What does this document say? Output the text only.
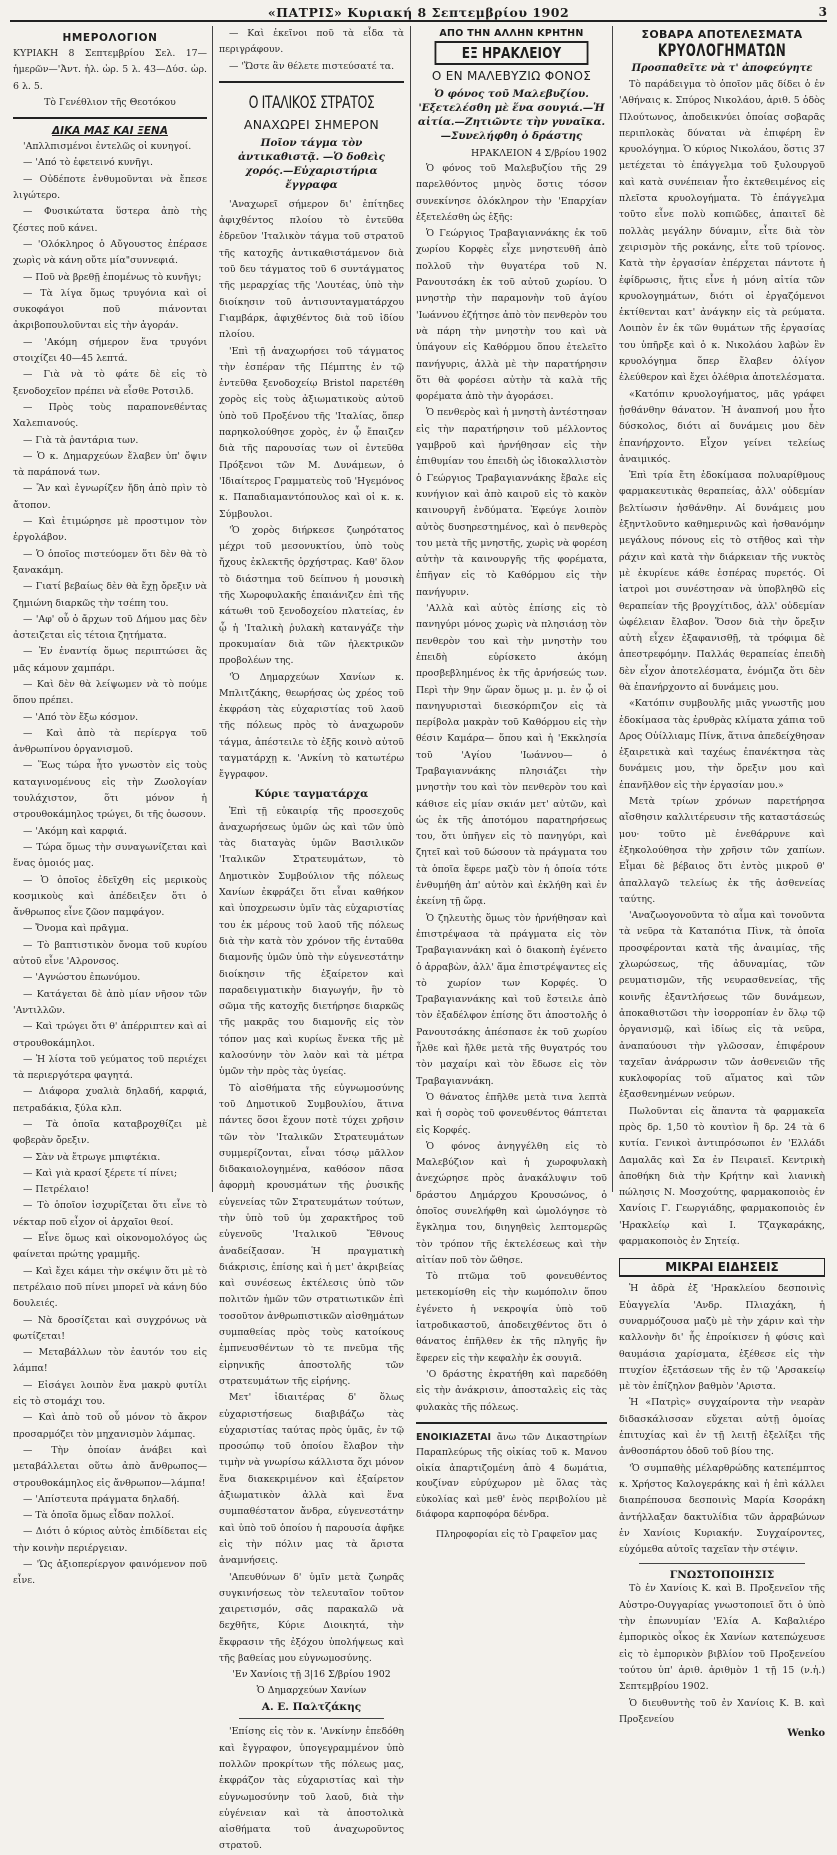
«ΠΑΤΡΙΣ» Κυριακή 8 Σεπτεμβρίου 1902	3
ΗΜΕΡΟΛΟΓΙΟΝ

ΚΥΡΙΑΚΗ 8 Σεπτεμβρίου Σελ. 17—ἡμερῶν—'Ἀντ. ἡλ. ὡρ. 5 λ. 43—Δύσ. ὡρ. 6 λ. 5.

Τὸ Γενέθλιον τῆς Θεοτόκου

ΔΙΚΑ ΜΑΣ ΚΑΙ ΞΕΝΑ

'Απλλπισμένοι ἐντελῶς οἱ κυνηγοί.

— 'Από τὸ ἐφετεινό κυνῆγι.

— Οὐδέποτε ἐνθυμοῦνται νὰ ἔπεσε λιγώτερο.

— Φυσικώτατα ὕστερα ἀπὸ τὴς ζέστες ποῦ κάνει.

— 'Ολόκληρος ὁ Αὔγουστος ἐπέρασε χωρὶς νὰ κάνη οὔτε μία"συννεφιά.

— Ποῦ νὰ βρεθῇ ἑπομένως τὸ κυνῆγι;

— Τὰ λίγα ὅμως τρυγόνια καὶ οἱ συκοφάγοι ποῦ πιάνονται ἀκριβοπουλοῦνται εἰς τὴν ἀγοράν.

— 'Ακόμη σήμερον ἕνα τρυγόνι στοιχίζει 40—45 λεπτά.

— Γιὰ νὰ τὸ φάτε δὲ εἰς τὸ ξενοδοχεῖον πρέπει νὰ εἶσθε Ροτσιλδ.

— Πρὸς τοὺς παραπονεθέντας Χαλεπιανούς.

— Γιὰ τὰ ῥαντάρια των.

— Ὁ κ. Δημαρχεύων ἔλαβεν ὑπ' ὄψιν τὰ παράπονά των.

— Ἂν καὶ ἐγνωρίζεν ἤδη ἀπὸ πρὶν τὸ ἄτοπον.

— Καὶ ἐτιμώρησε μὲ προστιμον τὸν ἐργολάβον.

— Ὁ ὁποῖος πιστεύομεν ὅτι δὲν θὰ τὸ ξανακάμη.

— Γιατί βεβαίως δὲν θὰ ἔχῃ ὄρεξιν νὰ ζημιώνη διαρκῶς τὴν τσέπη του.

— 'Αφ' οὗ ὁ ἄρχων τοῦ Δήμου μας δὲν ἀστειζεται εἰς τέτοια ζητήματα.

— Ἐν ἐναντίᾳ ὅμως περιπτώσει ἂς μᾶς κάμουν χαμπάρι.

— Καὶ δὲν θὰ λείψωμεν νὰ τὸ πούμε ὅπου πρέπει.

— 'Από τὸν ἔξω κόσμον.

— Καὶ ἀπὸ τὰ περίεργα τοῦ ἀνθρωπίνου ὀργανισμοῦ.

— Ἕως τώρα ἦτο γνωστὸν εἰς τοὺς καταγινομένους εἰς τὴν Ζωολογίαν τουλάχιστον, ὅτι μόνον ἡ στρουθοκάμηλος τρώγει, δι τῆς ὁωσουν.

— 'Ακόμη καὶ καρφιά.

— Τώρα ὅμως τὴν συναγωνίζεται καὶ ἕνας ὁμοιός μας.

— Ὁ ὁποῖος ἐδεῖχθη εἰς μερικοὺς κοσμικοὺς καὶ ἀπέδειξεν ὅτι ὁ ἄνθρωπος εἶνε ζῶον παμφάγον.

— Ὄνομα καὶ πρᾶγμα.

— Τὸ βαπτιστικὸν ὄνομα τοῦ κυρίου αὐτοῦ εἶνε 'Αλρονσος.

— 'Αγνώστου ἐπωνύμου.

— Κατάγεται δὲ ἀπὸ μίαν νῆσον τῶν 'Αντιλλῶν.

— Καὶ τρώγει ὅτι θ' ἀπέρριπτεν καὶ αἱ στρουθοκάμηλοι.

— Ἡ λίστα τοῦ γεύματος τοῦ περιέχει τὰ περιεργότερα φαγητά.

— Διάφορα χυαλιὰ δηλαδή, καρφιά, πετραδάκια, ξύλα κλπ.

— Τὰ ὁποῖα καταβροχθίζει μὲ φοβερὰν ὄρεξιν.

— Σὰν νὰ ἔτρωγε μπιφτέκια.

— Καὶ γιὰ κρασί ξέρετε τί πίνει;

— Πετρέλαιο!

— Τὸ ὁποῖον ἰσχυρίζεται ὅτι εἶνε τὸ νέκταρ ποῦ εἶχον οἱ ἀρχαῖοι θεοί.

— Εἶνε ὅμως καὶ οἰκονομολόγος ὡς φαίνεται πρώτης γραμμῆς.

— Καὶ ἔχει κάμει τὴν σκέψιν ὅτι μὲ τὸ πετρέλαιο ποῦ πίνει μπορεῖ νὰ κάνη δύο δουλειές.

— Νὰ δροσίζεται καὶ συγχρόνως νὰ φωτίζεται!

— Μεταβάλλων τὸν ἑαυτόν του εἰς λάμπα!

— Εἰσάγει λοιπὸν ἕνα μακρὺ φυτίλι εἰς τὸ στομάχι του.

— Καὶ ἀπὸ τοῦ οὗ μόνον τὸ ἄκρον προσαρμόζει τὸν μηχανισμὸν λάμπας.

— Τὴν ὁποίαν ἀνάβει καὶ μεταβάλλεται οὕτω ἀπὸ ἄνθρωπος—στρουθοκάμηλος εἰς ἄνθρωπον—λάμπα!

— 'Απίστευτα πράγματα δηλαδή.

— Τὰ ὁποῖα ὅμως εἶδαν πολλοί.

— Διότι ὁ κύριος αὐτὸς ἐπιδίδεται εἰς τὴν κοινὴν περιέργειαν.

— 'Ὡς ἀξιοπερίεργον φαινόμενον ποῦ εἶνε.

— Καὶ ἐκεῖνοι ποῦ τὰ εἶδα τὰ περιγράφουν.

— 'Ὥστε ἂν θέλετε πιστεύσατέ τα.

Ο ΙΤΑΛΙΚΟΣ ΣΤΡΑΤΟΣ
ΑΝΑΧΩΡΕΙ ΣΗΜΕΡΟΝ
Ποῖον τάγμα τὸν ἀντικαθιστᾷ. —Ὁ δοθεὶς χορός.—Εὐχαριστήρια ἔγγραφα

'Αναχωρεῖ σήμερον δι' ἐπίτηδες ἀφιχθέντος πλοίου τὸ ἐντεῦθα ἐδρεῦον 'Ιταλικὸν τάγμα τοῦ στρατοῦ τῆς κατοχῆς ἀντικαθιστάμενον διὰ τοῦ δευ τάγματος τοῦ 6 συντάγματος τῆς μεραρχίας τῆς 'Λουτέας, ὑπὸ τὴν διοίκησιν τοῦ ἀντισυνταγματάρχου Γιαμβάρκ, ἀφιχθέντος διὰ τοῦ ἰδίου πλοίου.

'Επὶ τῇ ἀναχωρήσει τοῦ τάγματος τὴν ἑσπέραν τῆς Πέμπτης ἐν τῷ ἐντεῦθα ξενοδοχείῳ Bristol παρετέθη χορὸς εἰς τοὺς ἀξιωματικοὺς αὐτοῦ ὑπὸ τοῦ Προξένου τῆς 'Ιταλίας, ὅπερ παρηκολούθησε χορὸς, ἐν ᾧ ἔπαιζεν διὰ τῆς παρουσίας των οἱ ἐντεῦθα Πρόξενοι τῶν Μ. Δυνάμεων, ὁ 'Ιδιαίτερος Γραμματεὺς τοῦ 'Ηγεμόνος κ. Παπαδιαμαντόπουλος καὶ οἱ κ. κ. Σύμβουλοι.

'Ὁ χορὸς διήρκεσε ζωηρότατος μέχρι τοῦ μεσονυκτίου, ὑπὸ τοὺς ἤχους ἐκλεκτῆς ὀρχήστρας. Καθ' ὅλον τὸ διάστημα τοῦ δείπνου ἡ μουσικὴ τῆς Χωροφυλακῆς ἐπαιάνιζεν ἐπὶ τῆς κάτωθι τοῦ ξενοδοχείου πλατείας, ἐν ᾧ ἡ 'Ιταλικὴ ῥυλακὴ κατανγάζε τὴν προκυμαίαν διὰ τῶν ἠλεκτρικῶν προβολέων της.

'Ὁ Δημαρχεύων Χανίων κ. Μπλιτζάκης, θεωρήσας ὡς χρέος τοῦ ἐκφράση τὰς εὐχαριστίας τοῦ λαοῦ τῆς πόλεως πρὸς τὸ ἀναχωροῦν τάγμα, ἀπέστειλε τὸ ἑξῆς κοινὸ αὐτοῦ ταγματάρχῃ κ. 'Ανκίνη τὸ κατωτέρω ἔγγραφον.

Κύριε ταγματάρχα

Ἐπὶ τῇ εὐκαιρίᾳ τῆς προσεχοῦς ἀναχωρήσεως ὑμῶν ὡς καὶ τῶν ὑπὸ τὰς διαταγὰς ὑμῶν Βασιλικῶν 'Ιταλικῶν Στρατευμάτων, τὸ Δημοτικὸν Συμβούλιον τῆς πόλεως Χανίων ἐκφράζει ὅτι εἶναι καθήκον καὶ ὑποχρεωσιν ὑμῖν τὰς εὐχαριστίας του ἐκ μέρους τοῦ λαοῦ τῆς πόλεως διὰ τὴν κατὰ τὸν χρόνον τῆς ἐνταῦθα διαμονῆς ὑμῶν ὑπὸ τὴν εὐγενεστάτην διοίκησιν τῆς ἐξαίρετον καὶ παραδειγματικὴν διαγωγήν, ἣν τὸ σῶμα τῆς κατοχῆς διετήρησε διαρκῶς τῆς μακρᾶς του διαμονῆς εἰς τὸν τόπον μας καὶ κυρίως ἕνεκα τῆς μὲ καλοσύνην τὸν λαὸν καὶ τὰ μέτρα ὑμῶν τὴν πρὸς τὰς ὑγείας.

Τὸ αἰσθήματα τῆς εὐγνωμοσύνης τοῦ Δημοτικοῦ Συμβουλίου, ἅτινα πάντες ὅσοι ἔχουν ποτὲ τύχει χρῆσιν τῶν τὸν 'Ιταλικῶν Στρατευμάτων συμμερίζονται, εἶναι τόσῳ μᾶλλον διδακαιολογημένα, καθόσον πᾶσα ἀφορμὴ κρουσμάτων τῆς ῥυσικῆς εὐγενείας τῶν Στρατευμάτων τούτων, τὴν ὑπὸ τοῦ ὑμ χαρακτῆρος τοῦ εὐγενοῦς 'Ιταλικοῦ Ἔθνους ἀναδείξασαν. Ἡ πραγματικὴ διάκρισις, ἐπίσης καὶ ἡ μετ' ἀκριβείας καὶ συνέσεως ἐκτέλεσις ὑπὸ τῶν πολιτῶν ἡμῶν τῶν στρατιωτικῶν ἐπὶ τοσοῦτον ἀνθρωπιστικῶν αἰσθημάτων συμπαθείας πρὸς τοὺς κατοίκους ἐμπνευσθέντων τὸ τε πνεῦμα τῆς εἰρηνικῆς ἀποστολῆς τῶν στρατευμάτων τῆς εἰρήνης.

Μετ' ἰδιαιτέρας δ' ὅλως εὐχαριστήσεως διαβιβάζω τὰς εὐχαριστίας ταύτας πρὸς ὑμᾶς, ἐν τῷ προσώπῳ τοῦ ὁποίου ἔλαβον τὴν τιμὴν νὰ γνωρίσω κάλλιστα ὅχι μόνον ἕνα διακεκριμένον καὶ ἐξαίρετον ἀξιωματικὸν ἀλλὰ καὶ ἕνα συμπαθέστατον ἄνδρα, εὐγενεστάτην καὶ ὑπὸ τοῦ ὁποίου ἡ παρουσία ἀφῆκε εἰς τὴν πόλιν μας τὰ ἄριστα ἀναμνήσεις.

'Απευθύνων δ' ὑμῖν μετὰ ζωηρᾶς συγκινήσεως τὸν τελευταῖον τοῦτον χαιρετισμόν, σᾶς παρακαλῶ νὰ δεχθῆτε, Κύριε Διοικητά, τὴν ἔκφρασιν τῆς ἐξόχου ὑπολήψεως καὶ τῆς βαθείας μου εὐγνωμοσύνης.

'Εν Χανίοις τῇ 3|16 Σ/βρίου 1902
Ὁ Δημαρχεύων Χανίων
Α. Ε. Παλτζάκης

'Επίσης εἰς τὸν κ. 'Ανκίνην ἐπεδόθη καὶ ἔγγραφον, ὑπογεγραμμένον ὑπὸ πολλῶν προκρίτων τῆς πόλεως μας, ἐκφράζον τὰς εὐχαριστίας καὶ τὴν εὐγνωμοσύνην τοῦ λαοῦ, διὰ τὴν εὐγένειαν καὶ τὰ ἀποστολικὰ αἰσθήματα τοῦ ἀναχωροῦντος στρατοῦ.

ΑΠΟ ΤΗΝ ΑΛΛΗΝ ΚΡΗΤΗΝ
ΕΞ ΗΡΑΚΛΕΙΟΥ
Ο ΕΝ ΜΑΛΕΒΥΖΙΩ ΦΟΝΟΣ
Ὁ φόνος τοῦ Μαλεβυζίου. 'Εξετελέσθη μὲ ἕνα σουγιά.—Ἡ αἰτία.—Ζητιῶντε τὴν γυναῖκα.—Συνελήφθη ὁ δράστης
ΗΡΑΚΛΕΙΟΝ 4 Σ/βρίου 1902

Ὁ φόνος τοῦ Μαλεβυζίου τῆς 29 παρελθόντος μηνὸς ὅστις τόσον συνεκίνησε ὁλόκληρον τὴν 'Επαρχίαν ἐξετελέσθη ὡς ἑξῆς:

Ὁ Γεώργιος Τραβαγιαννάκης ἐκ τοῦ χωρίου Κορφὲς εἶχε μνηστευθῆ ἀπὸ πολλοῦ τὴν θυγατέρα τοῦ Ν. Ρανουτσάκη ἐκ τοῦ αὐτοῦ χωρίου. Ὁ μνηστὴρ τὴν παραμονὴν τοῦ ἁγίου 'Ιωάννου ἐζήτησε ἀπὸ τὸν πενθερὸν του νὰ πάρη τὴν μνηστὴν του καὶ νὰ ὑπάγουν εἰς Καθόρμου ὅπου ἐτελεῖτο πανήγυρις, ἀλλὰ μὲ τὴν παρατήρησιν ὅτι θὰ φορέσει αὐτὴν τὰ καλὰ τῆς φορέματα ἀπὸ τὴν ἀγοράσει.

Ὁ πενθερὸς καὶ ἡ μνηστὴ ἀντέστησαν εἰς τὴν παρατήρησιν τοῦ μέλλοντος γαμβροῦ καὶ ἠρνήθησαν εἰς τὴν ἐπιθυμίαν του ἐπειδὴ ὡς ἰδιοκαλλιστὸν ὁ Γεώργιος Τραβαγιαννάκης ἔβαλε εἰς κυνήγιον καὶ ἀπὸ καιροῦ εἰς τὸ κακὸν καινουργῆ ἐνδύματα. Ἐφεύγε λοιπὸν αὐτὸς δυσηρεστημένος, καὶ ὁ πενθερὸς του μετὰ τῆς μνηστῆς, χωρὶς νὰ φορέση αὐτὴν τὰ καινουργῆς τῆς φορέματα, ἐπῆγαν εἰς τὸ Καθόρμου εἰς τὴν πανήγυριν.

'Αλλὰ καὶ αὐτὸς ἐπίσης εἰς τὸ πανηγύρι μόνος χωρὶς νὰ πλησιάσῃ τὸν πενθερὸν του καὶ τὴν μνηστὴν του ἐπειδὴ εὑρίσκετο ἀκόμη προσβεβλημένος ἐκ τῆς ἀρνήσεώς των. Περὶ τὴν 9ην ὥραν ὅμως μ. μ. ἐν ᾧ οἱ πανηγυρισταὶ διεσκόρπιζον εἰς τὰ περίβολα μακρὰν τοῦ Καθόρμου εἰς τὴν θέσιν Καμάρα— ὅπου καὶ ἡ 'Εκκλησία τοῦ 'Αγίου 'Ιωάννου— ὁ Τραβαγιαννάκης πλησιάζει τὴν μνηστὴν του καὶ τὸν πενθερὸν του καὶ κάθισε εἰς μίαν σκιάν μετ' αὐτῶν, καὶ ὡς ἐκ τῆς ἀποτόμου παρατηρήσεως του, ὅτι ὑπῆγεν εἰς τὸ πανηγύρι, καὶ ζητεῖ καὶ τοῦ δώσουν τὰ πράγματα του τὰ ὁποῖα ἔφερε μαζὺ τὸν ἡ ὁποία τότε ἐνθυμήθη ἀπ' αὐτὸν καὶ ἐκλήθη καὶ ἐν ἐκείνη τῇ ὥρᾳ.

Ὁ ζηλευτὴς ὅμως τὸν ἠρνήθησαν καὶ ἐπιστρέψασα τὰ πράγματα εἰς τὸν Τραβαγιαννάκη καὶ ὁ διακοπὴ ἐγένετο ὁ ἀρραβὼν, ἀλλ' ἅμα ἐπιστρέψαντες εἰς τὸ χωρίον των Κορφές. Ὁ Τραβαγιαννάκης καὶ τοῦ ἔστειλε ἀπὸ τὸν ἐξαδέλφον ἐπίσης ὅτι ἀποστολῆς ὁ Ρανουτσάκης ἀπέσπασε ἐκ τοῦ χωρίου ἦλθε καὶ ἤλθε μετὰ τῆς θυγατρός του τὸν μαχαίρι καὶ τὸν ἔδωσε εἰς τὸν Τραβαγιαννάκη.

Ὁ θάνατος ἐπῆλθε μετὰ τινα λεπτὰ καὶ ἡ σορὸς τοῦ φονευθέντος θάπτεται εἰς Κορφές.

Ὁ φόνος ἀνηγγέλθη εἰς τὸ Μαλεβύζιον καὶ ἡ χωροφυλακὴ ἀνεχώρησε πρὸς ἀνακάλυψιν τοῦ δράστου Δημάρχου Κρουσώνος, ὁ ὁποῖος συνελήφθη καὶ ὡμολόγησε τὸ ἔγκλημα του, διηγηθεὶς λεπτομερῶς τὸν τρόπον τῆς ἐκτελέσεως καὶ τὴν αἰτίαν ποῦ τὸν ὤθησε.

Τὸ πτῶμα τοῦ φονευθέντος μετεκομίσθη εἰς τὴν κωμόπολιν ὅπου ἐγένετο ἡ νεκροψία ὑπὸ τοῦ ἰατροδικαστοῦ, ἀποδειχθέντος ὅτι ὁ θάνατος ἐπῆλθεν ἐκ τῆς πληγῆς ἣν ἔφερεν εἰς τὴν κεφαλὴν ἐκ σουγιᾶ.

'Ο δράστης ἐκρατήθη καὶ παρεδόθη εἰς τὴν ἀνάκρισιν, ἀποσταλεὶς εἰς τὰς φυλακὰς τῆς πόλεως.

ΕΝΟΙΚΙΑΖΕΤΑΙ ἄνω τῶν Δικαστηρίων Παραπλεύρως τῆς οἰκίας τοῦ κ. Μανου οἰκία ἀπαρτιζομένη ἀπὸ 4 δωμάτια, κουζίναν εὐρύχωρον μὲ ὅλας τὰς εὐκολίας καὶ μεθ' ἑνὸς περιβολίου μὲ διάφορα καρποφόρα δένδρα.

Πληροφορίαι εἰς τὸ Γραφεῖον μας

ΣΟΒΑΡΑ ΑΠΟΤΕΛΕΣΜΑΤΑ
ΚΡΥΟΛΟΓΗΜΑΤΩΝ
Προσπαθεῖτε νὰ τ' ἀποφεύγητε

Τὸ παράδειγμα τὸ ὁποῖον μᾶς δίδει ὁ ἐν 'Αθήναις κ. Σπύρος Νικολάου, ἀριθ. 5 ὁδὸς Πλούτωνος, ἀποδεικνύει ὁποίας σοβαρᾶς περιπλοκὰς δύναται νὰ ἐπιφέρη ἓν κρυολόγημα. Ὁ κύριος Νικολάου, ὅστις 37 μετέχεται τὸ ἐπάγγελμα τοῦ ξυλουργοῦ καὶ κατὰ συνέπειαν ἦτο ἐκτεθειμένος εἰς πλεῖστα κρυολογήματα. Τὸ ἐπάγγελμα τοῦτο εἶνε πολὺ κοπιῶδες, ἀπαιτεῖ δὲ πολλὰς μεγάλην δύναμιν, εἶτε διὰ τὸν χειρισμὸν τῆς ροκάνης, εἶτε τοῦ τρίονος. Κατὰ τὴν ἐργασίαν ἐπέρχεται πάντοτε ἡ ἐφίδρωσις, ἥτις εἶνε ἡ μόνη αἰτία τῶν κρυολογημάτων, διότι οἱ ἐργαζόμενοι ἐκτίθενται κατ' ἀνάγκην εἰς τὰ ρεύματα. Λοιπὸν ἐν ἐκ τῶν θυμάτων τῆς ἐργασίας του ὑπῆρξε καὶ ὁ κ. Νικολάου λαβὼν ἓν κρυολόγημα ὅπερ ἔλαβεν ὀλίγον ἐλεύθερον καὶ ἔχει ὀλέθρια ἀποτελέσματα.

«Κατόπιν κρυολογήματος, μᾶς γράφει ᾐσθάνθην θάνατον. Ἡ ἀναπνοή μου ἦτο δύσκολος, διότι αἱ δυνάμεις μου δὲν ἐπανήρχοντο. Εἶχον γείνει τελείως ἀναιμικός.

Ἐπὶ τρία ἔτη ἐδοκίμασα πολυαρίθμους φαρμακευτικὰς θεραπείας, ἀλλ' οὐδεμίαν βελτίωσιν ἠσθάνθην. Αἱ δυνάμεις μου ἐξηντλοῦντο καθημερινῶς καὶ ἠσθανόμην μεγάλους πόνους εἰς τὸ στῆθος καὶ τὴν ράχιν καὶ κατὰ τὴν διάρκειαν τῆς νυκτὸς μὲ ἐκυρίευε κάθε ἐσπέρας πυρετός. Οἱ ἰατροὶ μοι συνέστησαν νὰ ὑποβληθῶ εἰς θεραπείαν τῆς βρογχίτιδος, ἀλλ' οὐδεμίαν ὠφέλειαν ἔλαβον. Ὅσον διὰ τὴν ὄρεξιν αὐτὴ εἶχεν ἐξαφανισθῇ, τὰ τρόφιμα δὲ ἀπεστρεφόμην. Παλλάς θεραπείας ἐπειδὴ δὲν εἶχον ἀποτελέσματα, ἐνόμιζα ὅτι δὲν θὰ ἐπανήρχοντο αἱ δυνάμεις μου.

«Κατόπιν συμβουλῆς μιᾶς γνωστῆς μου ἐδοκίμασα τὰς ἐρυθρὰς κλίματα χάπια τοῦ Δρος Οὐίλλιαμς Πίνκ, ἅτινα ἀπεδείχθησαν ἐξαιρετικὰ καὶ ταχέως ἐπανέκτησα τὰς δυνάμεις μου, τὴν ὄρεξιν μου καὶ ἐπανῆλθον εἰς τὴν ἐργασίαν μου.»

Μετὰ τρίων χρόνων παρετήρησα αἴσθησιν καλλιτέρευσιν τῆς καταστάσεώς μου· τοῦτο μὲ ἐνεθάρρυνε καὶ ἐξηκολούθησα τὴν χρῆσιν τῶν χαπίων. Εἶμαι δὲ βέβαιος ὅτι ἐντὸς μικροῦ θ' ἀπαλλαγῶ τελείως ἐκ τῆς ἀσθενείας ταύτης.

'Αναζωογονοῦντα τὸ αἷμα καὶ τονοῦντα τὰ νεῦρα τὰ Καταπότια Πὶνκ, τὰ ὁποῖα προσφέρονται κατὰ τῆς ἀναιμίας, τῆς χλωρώσεως, τῆς ἀδυναμίας, τῶν ρευματισμῶν, τῆς νευρασθενείας, τῆς κοινῆς ἐξαντλήσεως τῶν δυνάμεων, ἀποκαθιστῶσι τὴν ἰσορροπίαν ἐν ὅλῳ τῷ ὀργανισμῷ, καὶ ἰδίως εἰς τὰ νεῦρα, ἀναπαύουσι τὴν γλῶσσαν, ἐπιφέρουν ταχεῖαν ἀνάρρωσιν τῶν ἀσθενειῶν τῆς κυκλοφορίας τοῦ αἵματος καὶ τῶν ἐξασθενημένων νεύρων.

Πωλοῦνται εἰς ἅπαντα τὰ φαρμακεῖα πρὸς δρ. 1,50 τὸ κουτὶον ἢ δρ. 24 τὰ 6 κυτία. Γενικοὶ ἀντιπρόσωποι ἐν 'Ελλάδι Δαμαλᾶς καὶ Σα ἐν Πειραιεῖ. Κεντρικὴ ἀποθήκη διὰ τὴν Κρήτην καὶ λιανικὴ πώλησις Ν. Μοσχούτης, φαρμακοποιὸς ἐν Χανίοις Γ. Γεωργιάδης, φαρμακοποιὸς ἐν 'Ηρακλείῳ καὶ Ι. Τζαγκαράκης, φαρμακοποιὸς ἐν Σητείᾳ.

ΜΙΚΡΑΙ ΕΙΔΗΣΕΙΣ

Ἡ ἀδρὰ ἐξ 'Ηρακλείου δεσποινὶς Εὐαγγελία 'Ανδρ. Πλιαχάκη, ἡ συναρμόζουσα μαζὺ μὲ τὴν χάριν καὶ τὴν καλλονὴν δι' ἧς ἐπροίκισεν ἡ φύσις καὶ θαυμάσια χαρίσματα, ἐξέθεσε εἰς τὴν πτυχίον ἐξετάσεων τῆς ἐν τῷ 'Αρσακείῳ μὲ τὸν ἐπίζηλον βαθμὸν 'Αριστα.

Ἡ «Πατρὶς» συγχαίροντα τὴν νεαρὰν διδασκάλισσαν εὔχεται αὐτῇ ὁμοίας ἐπιτυχίας καὶ ἐν τῇ λειτῇ ἐξελίξει τῆς ἀνθοσπάρτου ὁδοῦ τοῦ βίου της.

'Ὁ συμπαθὴς μέλαρθρώδης κατεπέμπτος κ. Χρήστος Καλογεράκης καὶ ἡ ἐπὶ κάλλει διαπρέπουσα δεσποινὶς Μαρία Κσοράκη ἀντήλλαξαν δακτυλίδια τῶν ἀρραβώνων ἐν Χανίοις Κυριακήν. Συγχαίροντες, εὐχόμεθα αὐτοῖς ταχεῖαν τὴν στέψιν.

ΓΝΩΣΤΟΠΟΙΗΣΙΣ

Τὸ ἐν Χανίοις Κ. καὶ Β. Προξενεῖον τῆς Αὐστρο-Ουγγαρίας γνωστοποιεῖ ὅτι ὁ ὑπὸ τὴν ἐπωνυμίαν 'Ελία Α. Καβαλιέρο ἐμπορικὸς οἶκος ἐκ Χανίων κατεπώχευσε εἰς τὸ ἐμπορικὸν βιβλίον τοῦ Προξενείου τούτου ὑπ' ἀριθ. ἀριθμὸν 1 τῇ 15 (ν.ἡ.) Σεπτεμβρίου 1902.

Ὁ διευθυντὴς τοῦ ἐν Χανίοις Κ. Β. καὶ Προξενείου

Wenko
